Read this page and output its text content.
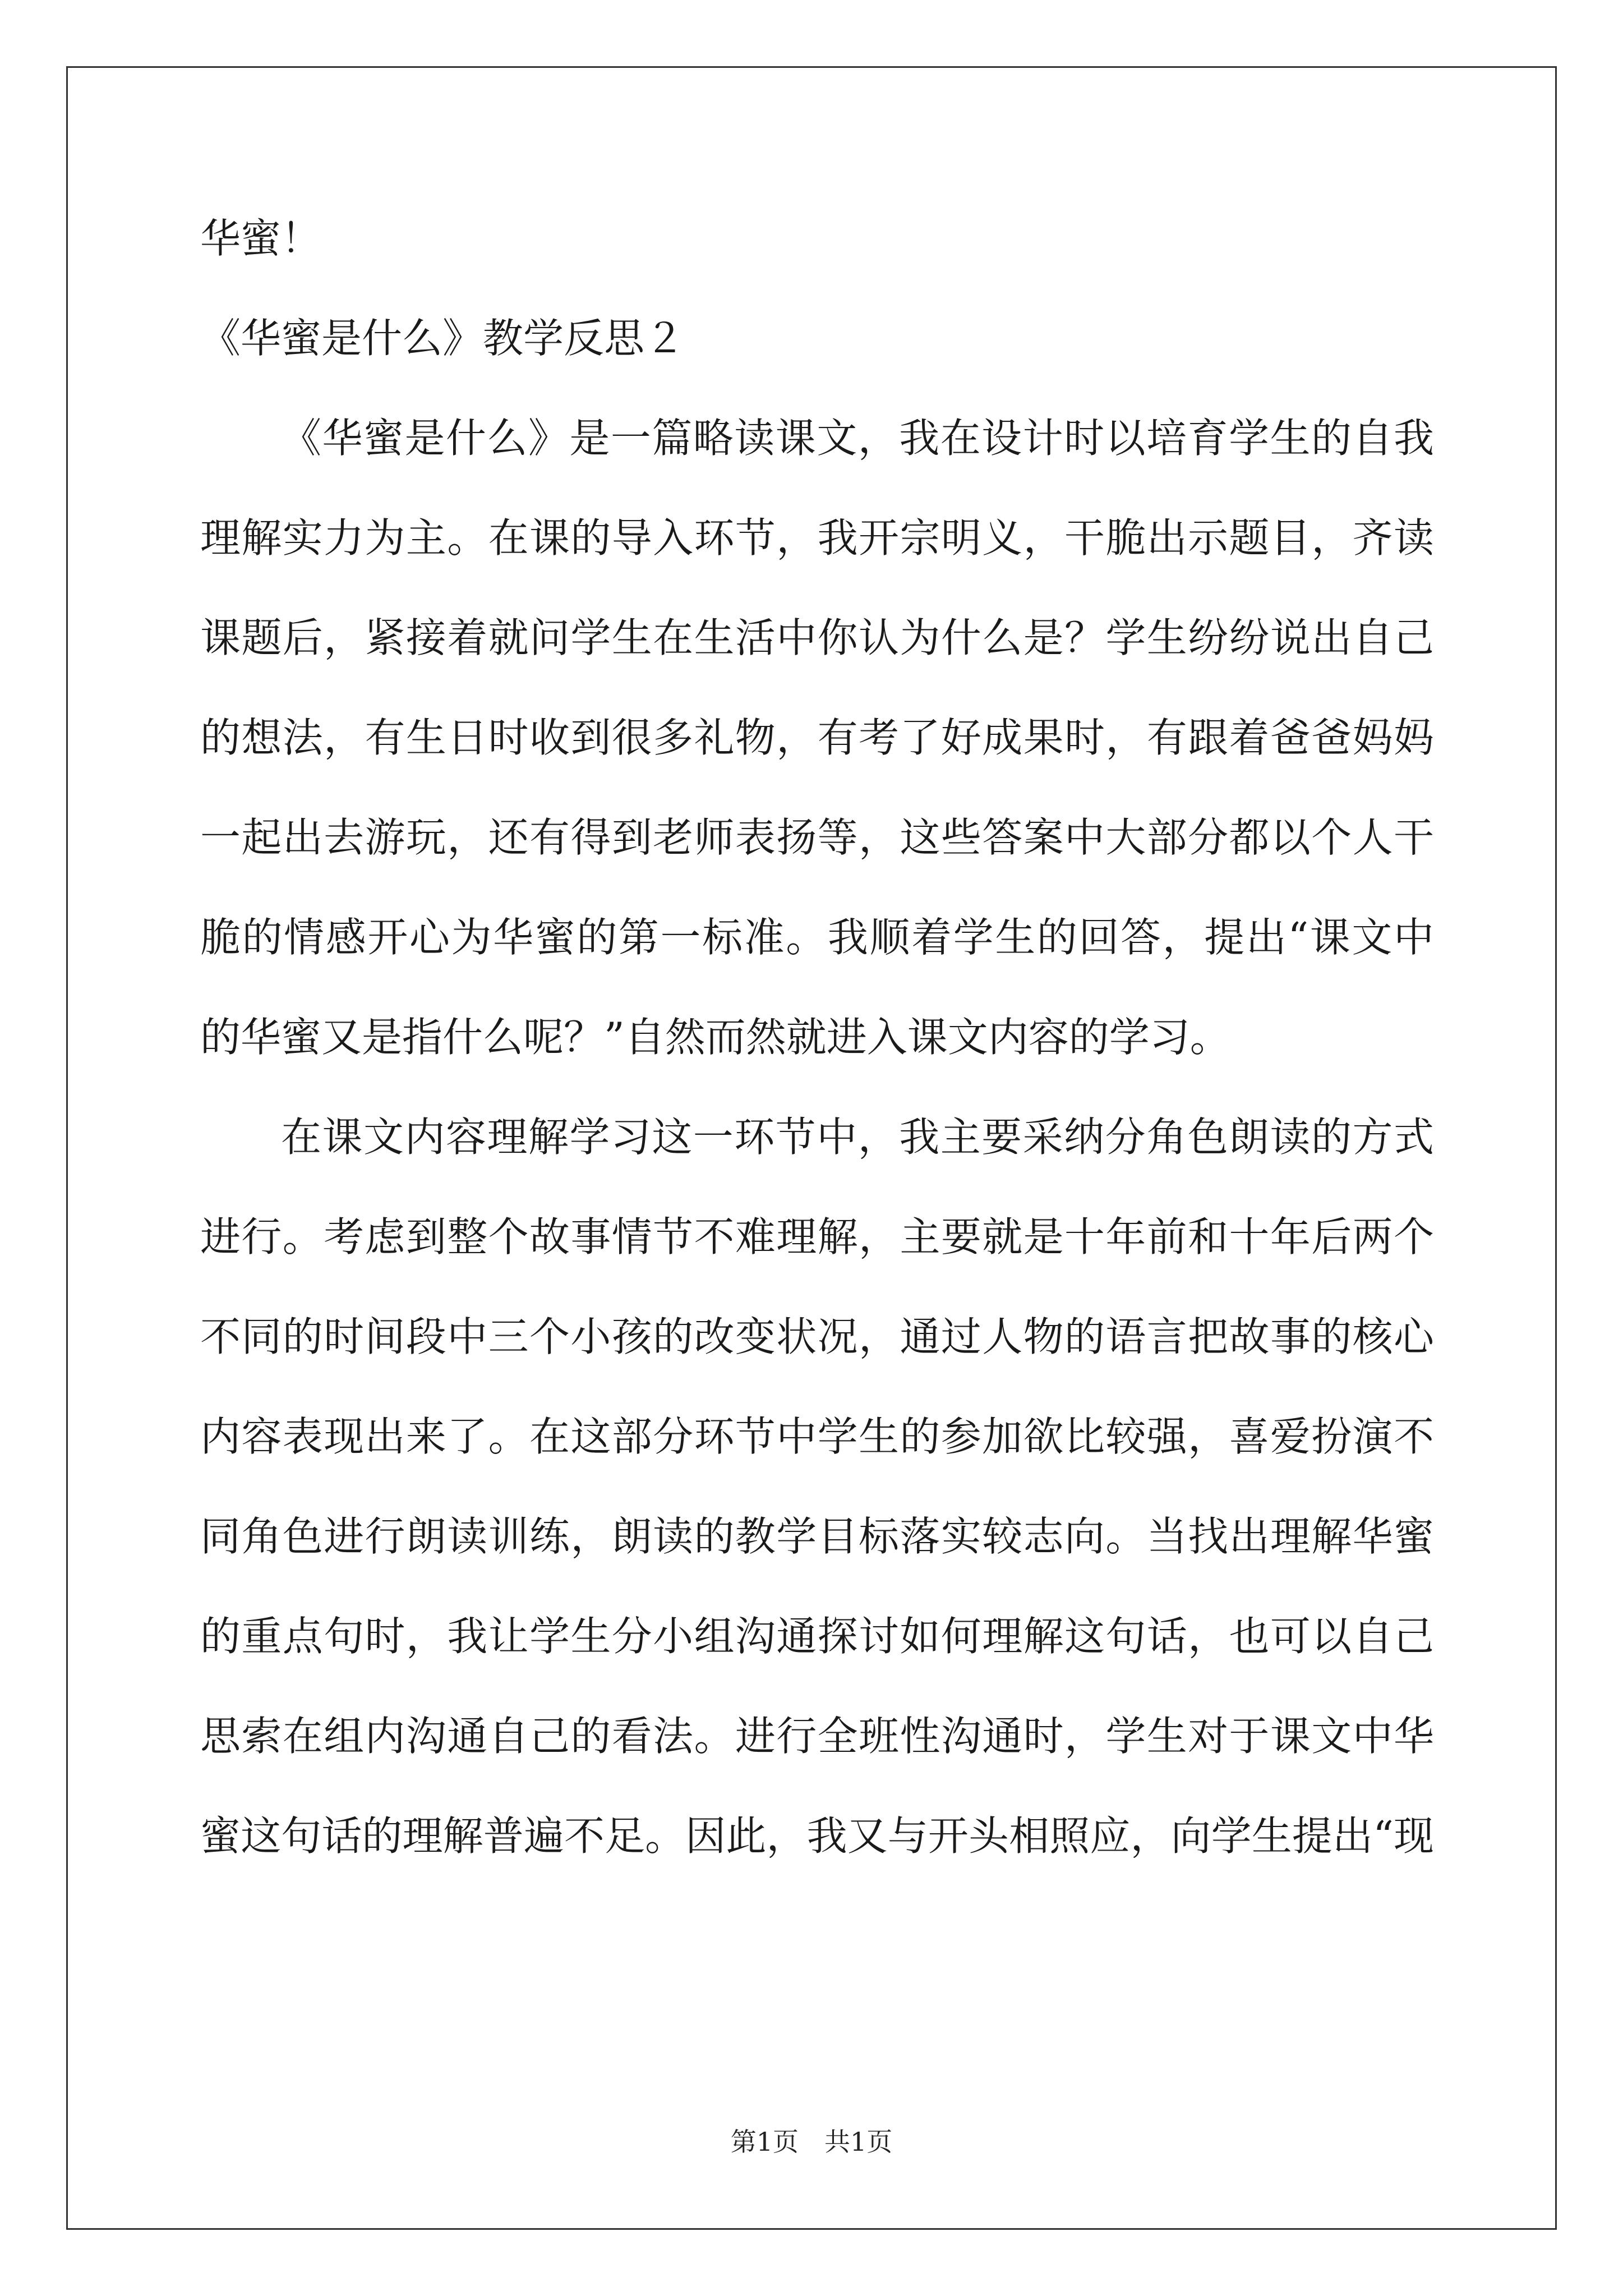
华蜜！
《华蜜是什么》教学反思２
《华蜜是什么》是一篇略读课文，我在设计时以培育学生的自我
理解实力为主。在课的导入环节，我开宗明义，干脆出示题目，齐读
课题后，紧接着就问学生在生活中你认为什么是？学生纷纷说出自己
的想法，有生日时收到很多礼物，有考了好成果时，有跟着爸爸妈妈
一起出去游玩，还有得到老师表扬等，这些答案中大部分都以个人干
脆的情感开心为华蜜的第一标准。我顺着学生的回答，提出“课文中
的华蜜又是指什么呢？”自然而然就进入课文内容的学习。
在课文内容理解学习这一环节中，我主要采纳分角色朗读的方式
进行。考虑到整个故事情节不难理解，主要就是十年前和十年后两个
不同的时间段中三个小孩的改变状况，通过人物的语言把故事的核心
内容表现出来了。在这部分环节中学生的参加欲比较强，喜爱扮演不
同角色进行朗读训练，朗读的教学目标落实较志向。当找出理解华蜜
的重点句时，我让学生分小组沟通探讨如何理解这句话，也可以自己
思索在组内沟通自己的看法。进行全班性沟通时，学生对于课文中华
蜜这句话的理解普遍不足。因此，我又与开头相照应，向学生提出“现
第1页　共1页
